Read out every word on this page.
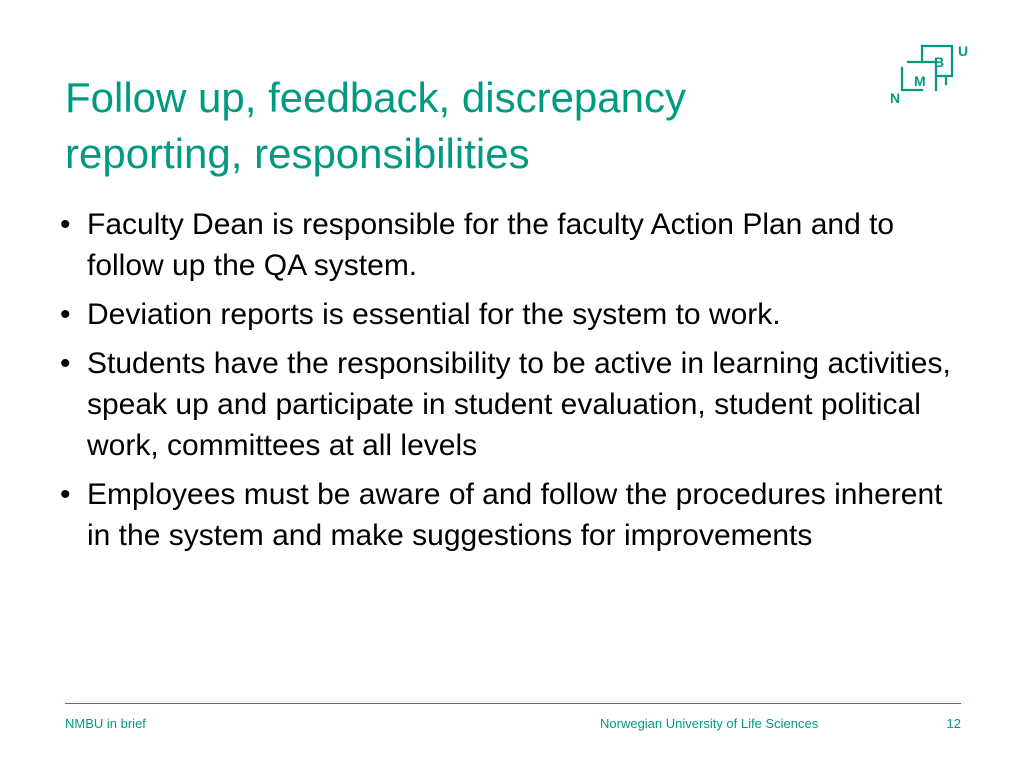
Follow up, feedback, discrepancy reporting, responsibilities
U
B
M
N
• Faculty Dean is responsible for the faculty Action Plan and to follow up the QA system.
• Deviation reports is essential for the system to work.
• Students have the responsibility to be active in learning activities, speak up and participate in student evaluation, student political work, committees at all levels
• Employees must be aware of and follow the procedures inherent in the system and make suggestions for improvements
NMBU in brief	Norwegian University of Life Sciences	12
